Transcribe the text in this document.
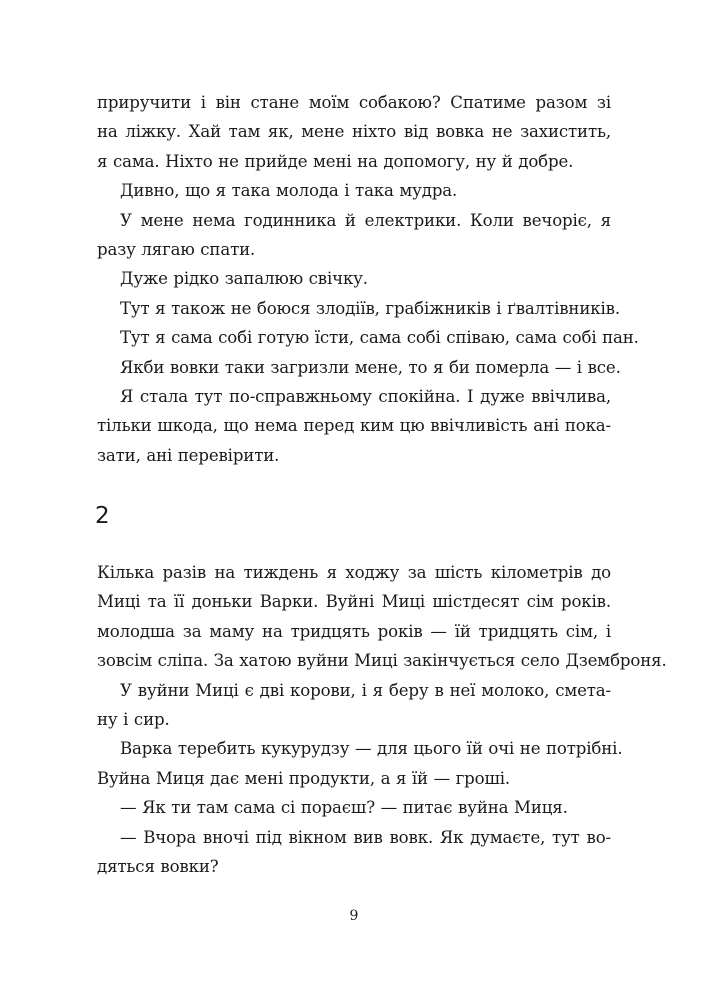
приручити і він стане моїм собакою? Спатиме разом зі
на ліжку. Хай там як, мене ніхто від вовка не захистить,
я сама. Ніхто не прийде мені на допомогу, ну й добре.
Дивно, що я така молода і така мудра.
У мене нема годинника й електрики. Коли вечоріє, я
разу лягаю спати.
Дуже рідко запалюю свічку.
Тут я також не боюся злодіїв, грабіжників і ґвалтівників.
Тут я сама собі готую їсти, сама собі співаю, сама собі пан.
Якби вовки таки загризли мене, то я би померла — і все.
Я стала тут по-справжньому спокійна. І дуже ввічлива,
тільки шкода, що нема перед ким цю ввічливість ані пока-
зати, ані перевірити.
2
Кілька разів на тиждень я ходжу за шість кілометрів до
Миці та її доньки Варки. Вуйні Миці шістдесят сім років.
молодша за маму на тридцять років — їй тридцять сім, і
зовсім сліпа. За хатою вуйни Миці закінчується село Дземброня.
У вуйни Миці є дві корови, і я беру в неї молоко, смета-
ну і сир.
Варка теребить кукурудзу — для цього їй очі не потрібні.
Вуйна Миця дає мені продукти, а я їй — гроші.
— Як ти там сама сі пораєш? — питає вуйна Миця.
— Вчора вночі під вікном вив вовк. Як думаєте, тут во-
дяться вовки?
9
